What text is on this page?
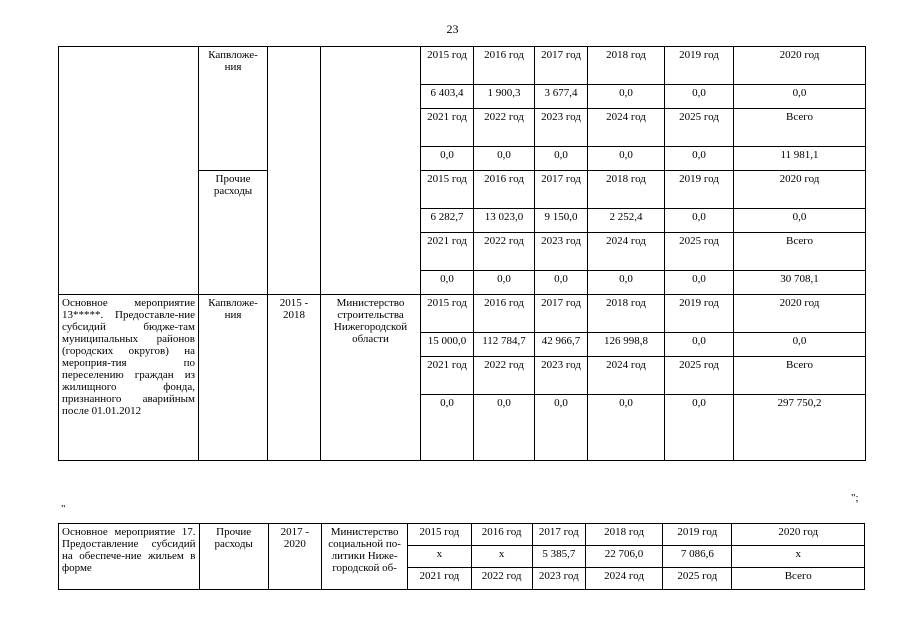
23
	Капвложе-ния			2015 год	2016 год	2017 год	2018 год	2019 год	2020 год
				6 403,4	1 900,3	3 677,4	0,0	0,0	0,0
				2021 год	2022 год	2023 год	2024 год	2025 год	Всего
				0,0	0,0	0,0	0,0	0,0	11 981,1
	Прочие расходы			2015 год	2016 год	2017 год	2018 год	2019 год	2020 год
				6 282,7	13 023,0	9 150,0	2 252,4	0,0	0,0
				2021 год	2022 год	2023 год	2024 год	2025 год	Всего
				0,0	0,0	0,0	0,0	0,0	30 708,1
Основное мероприятие 13*****. Предоставле-ние субсидий бюдже-там муниципальных районов (городских округов) на мероприя-тия по переселению граждан из жилищного фонда, признанного аварийным после 01.01.2012	Капвложе-ния	2015 - 2018	Министерство строительства Нижегородской области	2015 год	2016 год	2017 год	2018 год	2019 год	2020 год
				15 000,0	112 784,7	42 966,7	126 998,8	0,0	0,0
				2021 год	2022 год	2023 год	2024 год	2025 год	Всего
				0,0	0,0	0,0	0,0	0,0	297 750,2
";
"
Основное мероприятие 17. Предоставление субсидий на обеспече-ние жильем в форме	Прочие расходы	2017 - 2020	Министерство социальной по-литики Ниже-городской об-	2015 год	2016 год	2017 год	2018 год	2019 год	2020 год
				х	х	5 385,7	22 706,0	7 086,6	х
				2021 год	2022 год	2023 год	2024 год	2025 год	Всего
